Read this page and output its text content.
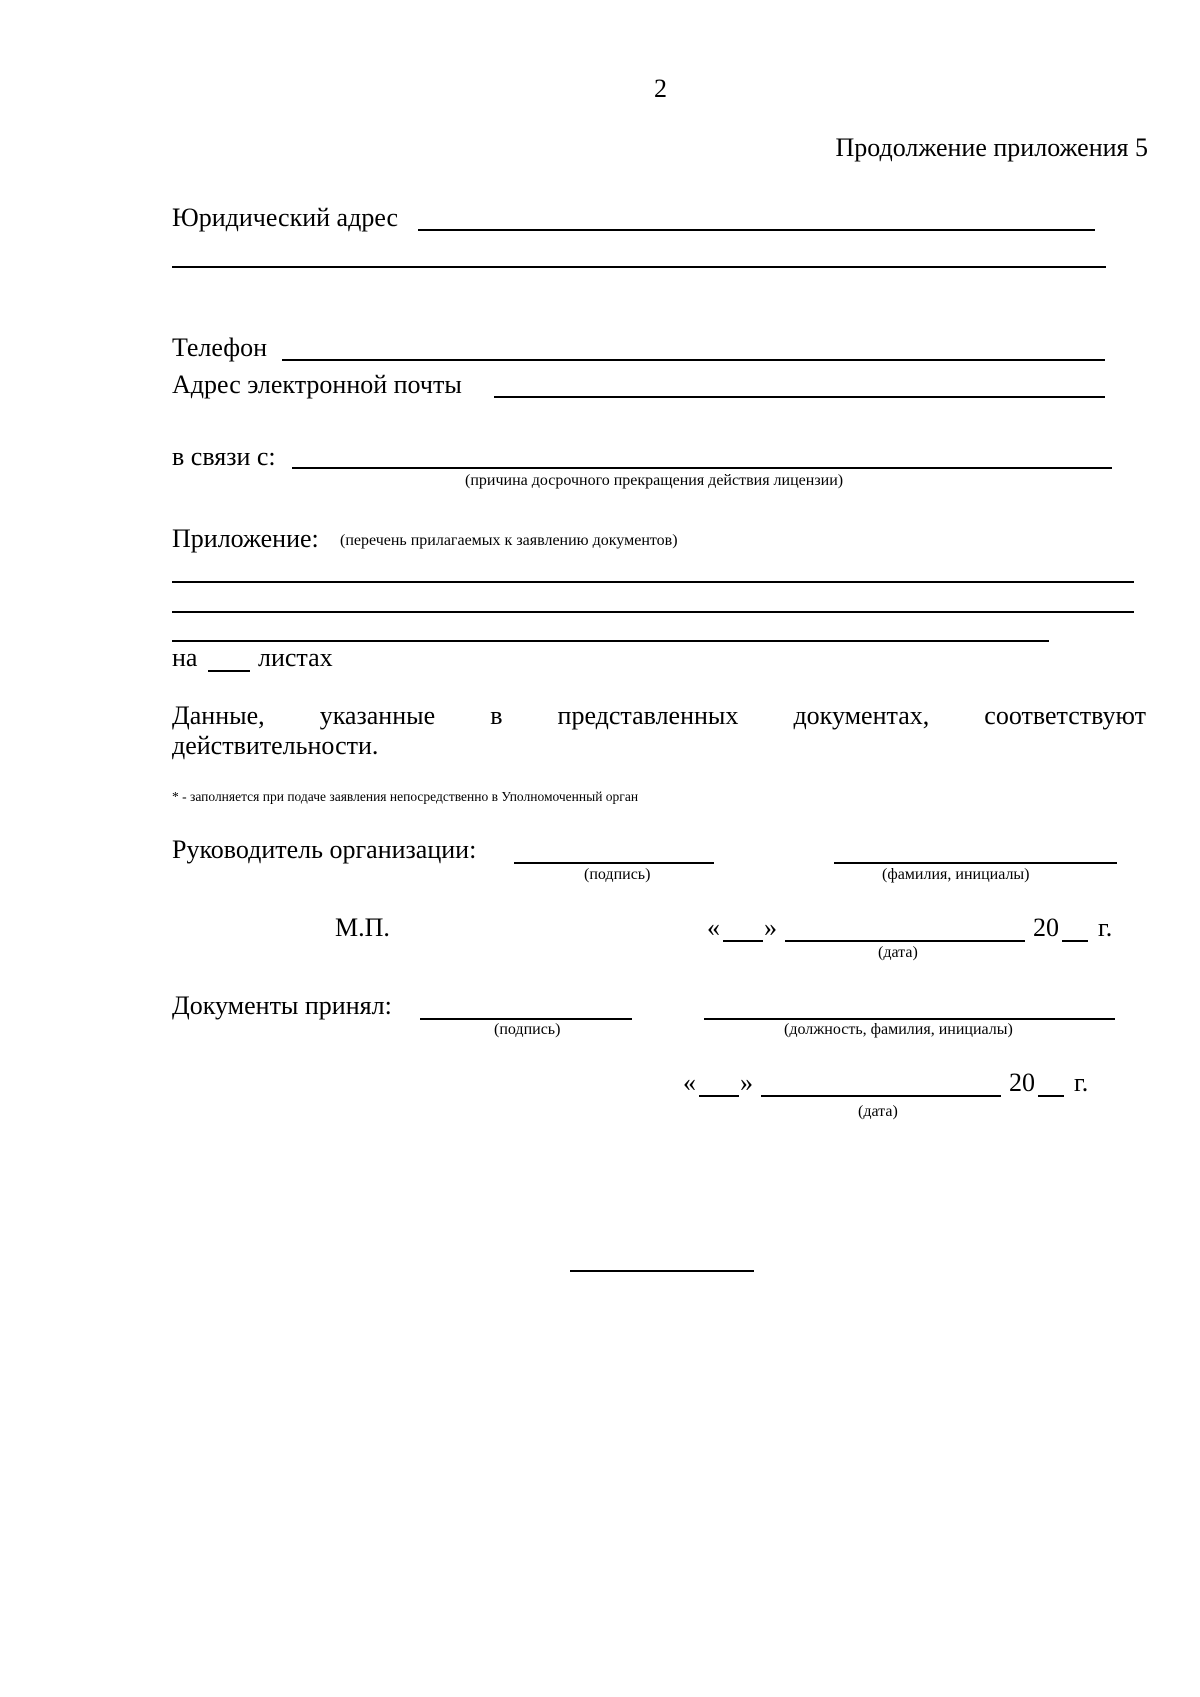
2
Продолжение приложения 5
Юридический адрес
Телефон
Адрес электронной почты
в связи с:
(причина досрочного прекращения действия лицензии)
Приложение: (перечень прилагаемых к заявлению документов)
на листах
Данные, указанные в представленных документах, соответствуют
действительности.
* - заполняется при подаче заявления непосредственно в Уполномоченный орган
Руководитель организации:
(подпись)	(фамилия, инициалы)
М.П.	« »	20 г.
(дата)
Документы принял:
(подпись)	(должность, фамилия, инициалы)
« »	20 г.
(дата)
